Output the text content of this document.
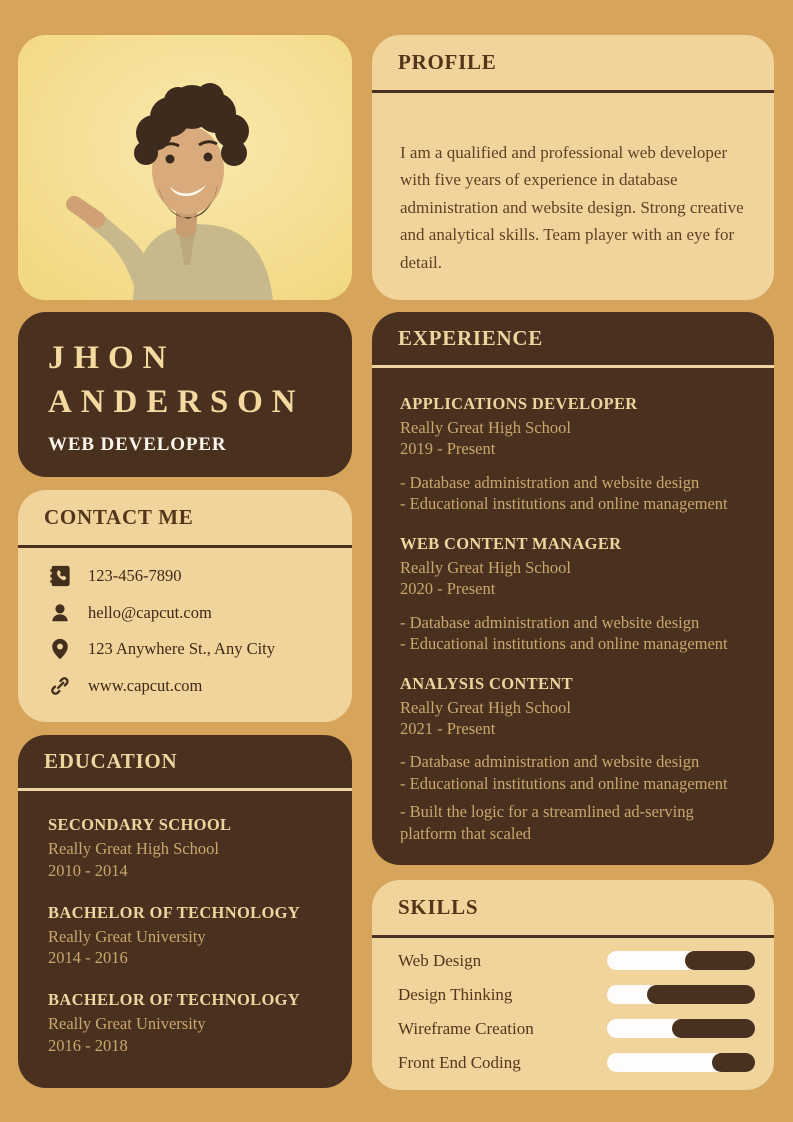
JHON ANDERSON
WEB DEVELOPER
CONTACT ME
123-456-7890
hello@capcut.com
123 Anywhere St., Any City
www.capcut.com
EDUCATION
SECONDARY SCHOOL
Really Great High School
2010 - 2014
BACHELOR OF TECHNOLOGY
Really Great University
2014 - 2016
BACHELOR OF TECHNOLOGY
Really Great University
2016 - 2018
PROFILE

I am a qualified and professional web developer with five years of experience in database administration and website design. Strong creative and analytical skills. Team player with an eye for detail.

EXPERIENCE
APPLICATIONS DEVELOPER
Really Great High School
2019 - Present
- Database administration and website design
- Educational institutions and online management
WEB CONTENT MANAGER
Really Great High School
2020 - Present
- Database administration and website design
- Educational institutions and online management
ANALYSIS CONTENT
Really Great High School
2021 - Present
- Database administration and website design
- Educational institutions and online management
- Built the logic for a streamlined ad-serving platform that scaled
SKILLS
Web Design
Design Thinking
Wireframe Creation
Front End Coding
